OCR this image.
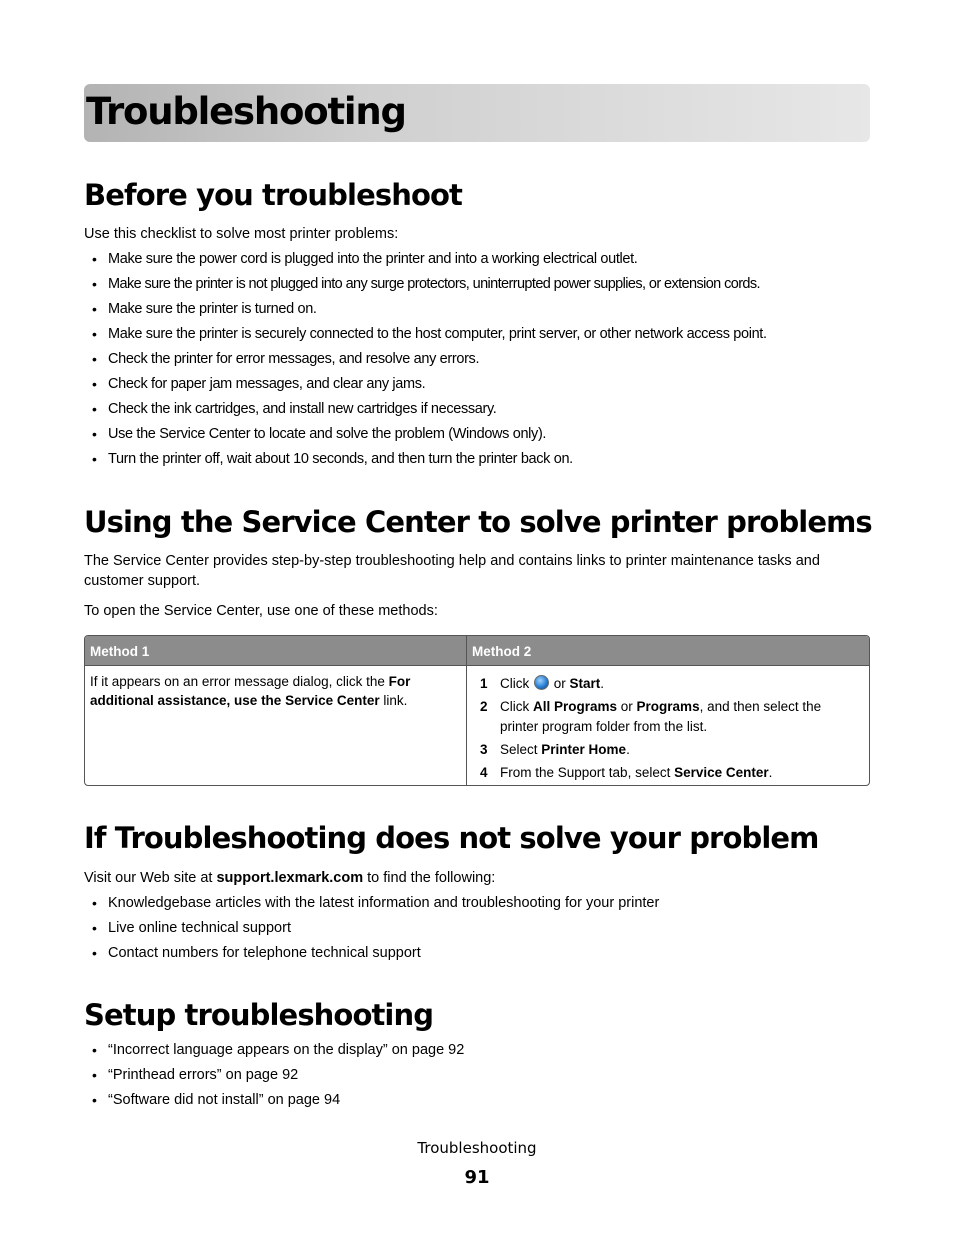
Troubleshooting
Before you troubleshoot

Use this checklist to solve most printer problems:

• Make sure the power cord is plugged into the printer and into a working electrical outlet.
• Make sure the printer is not plugged into any surge protectors, uninterrupted power supplies, or extension cords.
• Make sure the printer is turned on.
• Make sure the printer is securely connected to the host computer, print server, or other network access point.
• Check the printer for error messages, and resolve any errors.
• Check for paper jam messages, and clear any jams.
• Check the ink cartridges, and install new cartridges if necessary.
• Use the Service Center to locate and solve the problem (Windows only).
• Turn the printer off, wait about 10 seconds, and then turn the printer back on.
Using the Service Center to solve printer problems

The Service Center provides step-by-step troubleshooting help and contains links to printer maintenance tasks and customer support.

To open the Service Center, use one of these methods:

Method 1	Method 2
If it appears on an error message dialog, click the For additional assistance, use the Service Center link.
1 Click  or Start.
2 Click All Programs or Programs, and then select the printer program folder from the list.
3 Select Printer Home.
4 From the Support tab, select Service Center.
If Troubleshooting does not solve your problem

Visit our Web site at support.lexmark.com to find the following:

• Knowledgebase articles with the latest information and troubleshooting for your printer
• Live online technical support
• Contact numbers for telephone technical support
Setup troubleshooting
• “Incorrect language appears on the display” on page 92
• “Printhead errors” on page 92
• “Software did not install” on page 94
Troubleshooting
91
